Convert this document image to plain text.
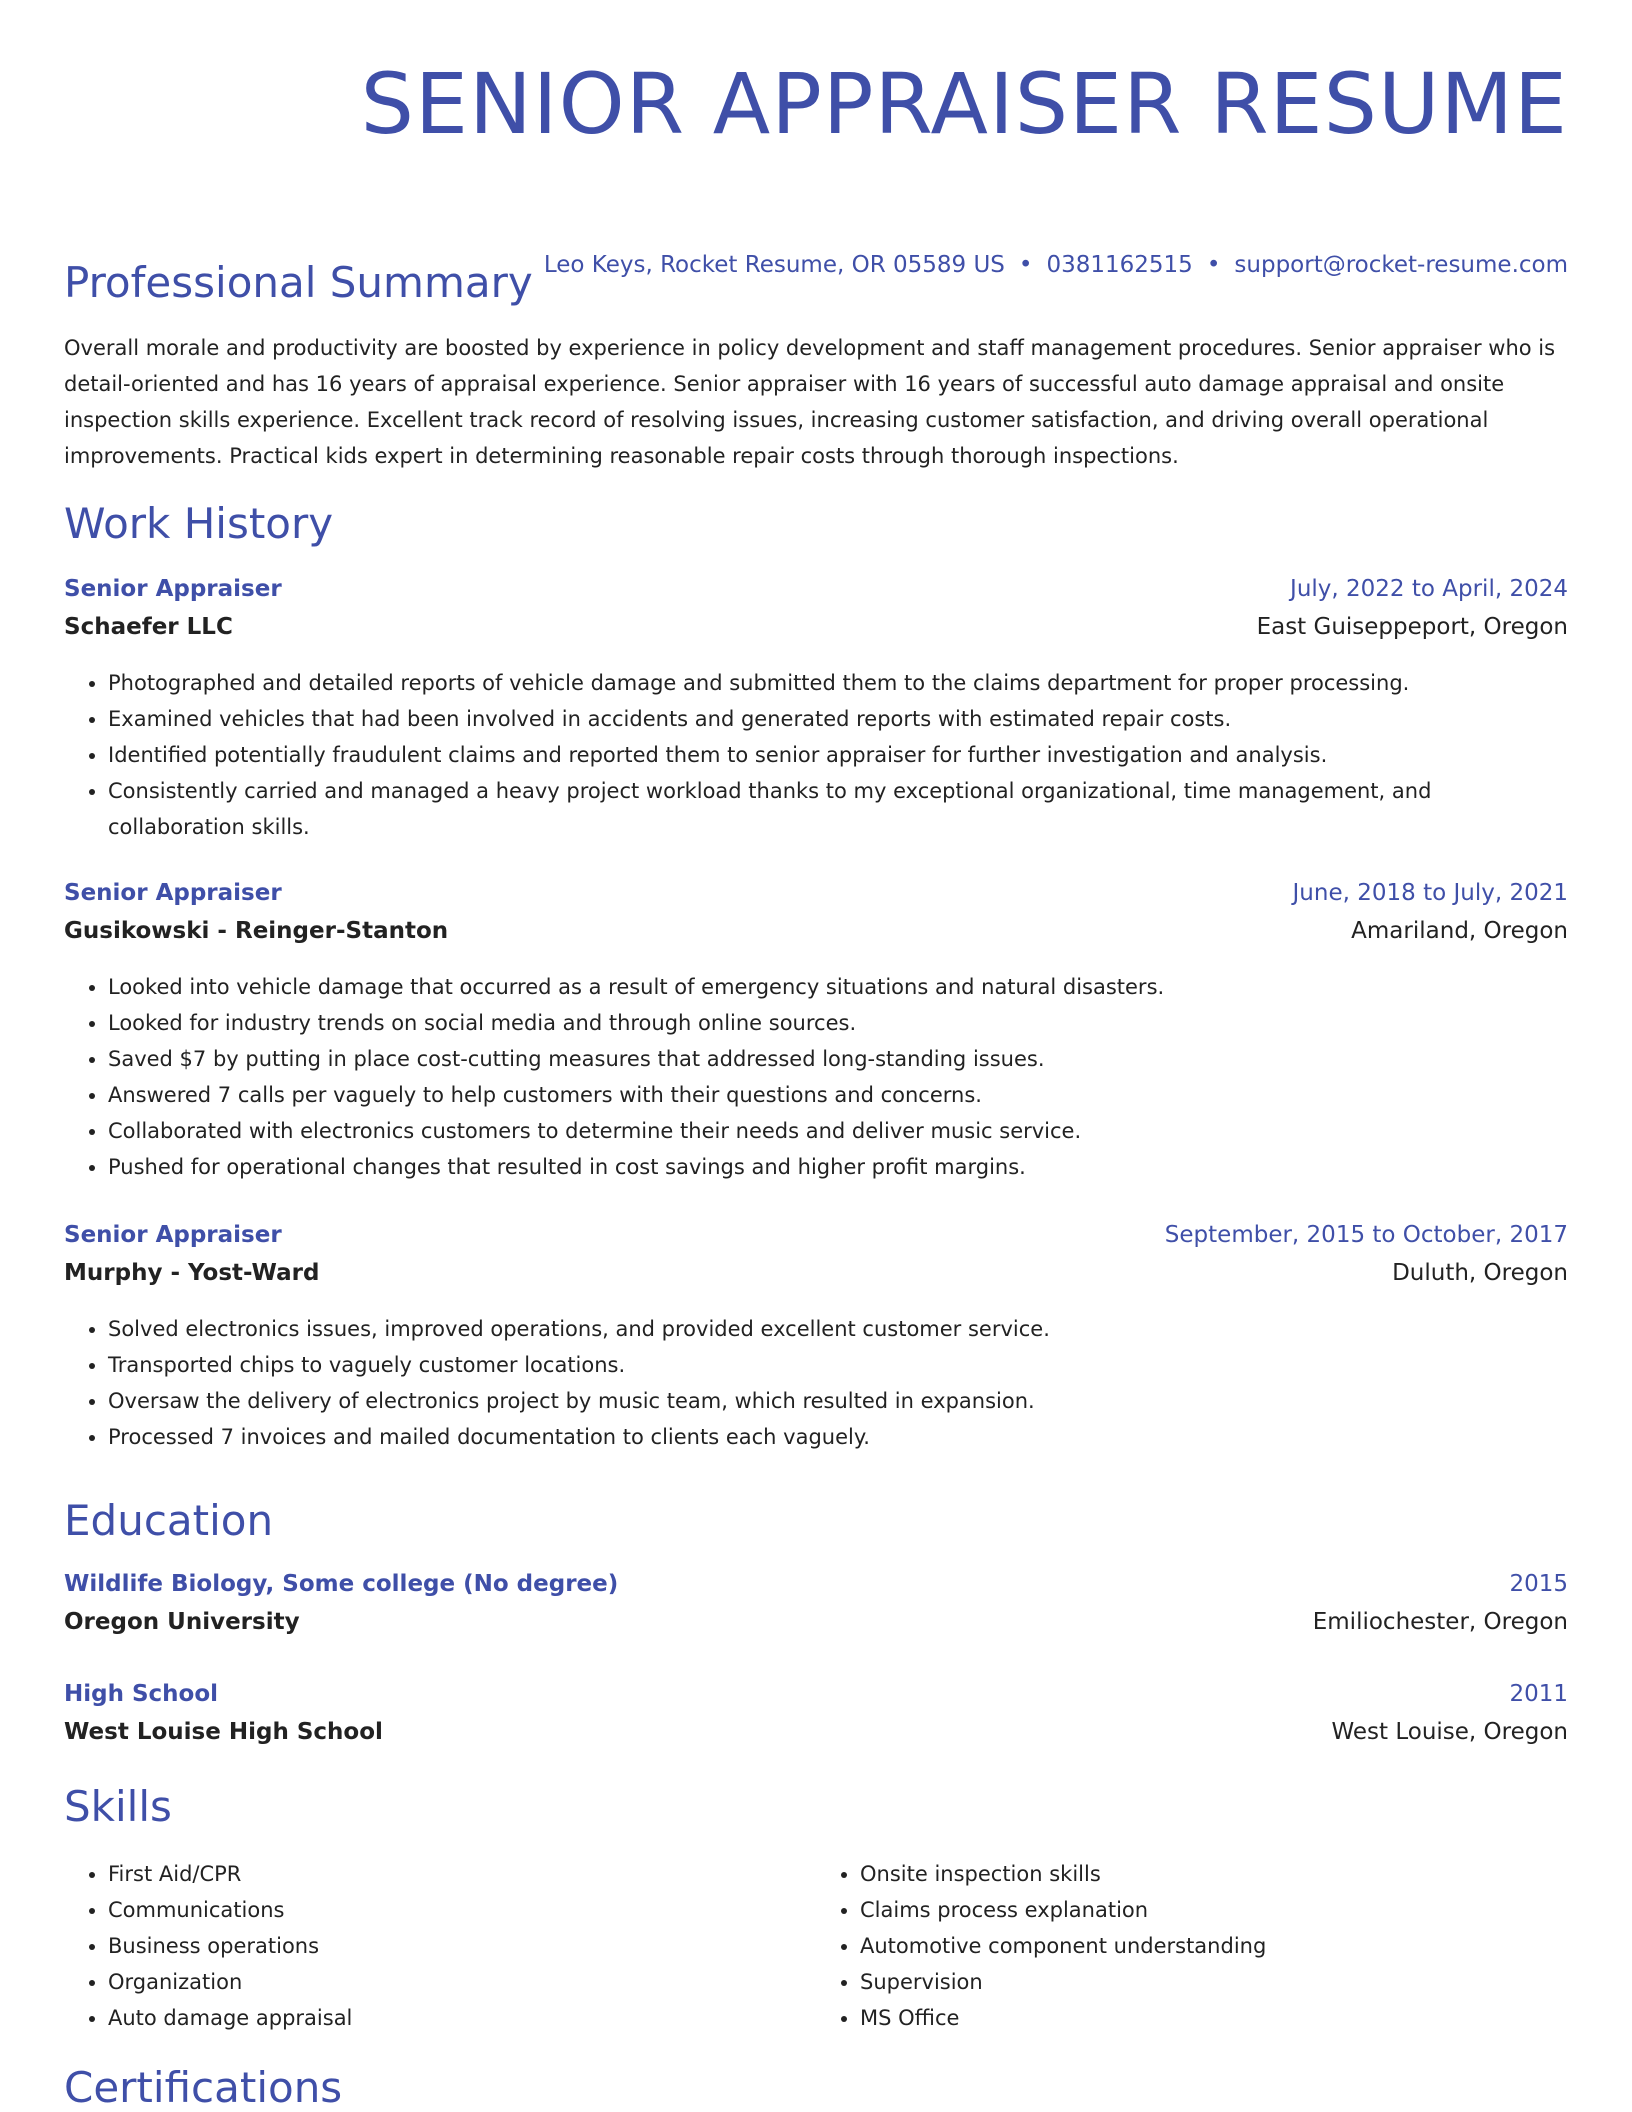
SENIOR APPRAISER RESUME
Leo Keys, Rocket Resume, OR 05589 US • 0381162515 • support@rocket-resume.com
Professional Summary

Overall morale and productivity are boosted by experience in policy development and staff management procedures. Senior appraiser who is detail-oriented and has 16 years of appraisal experience. Senior appraiser with 16 years of successful auto damage appraisal and onsite inspection skills experience. Excellent track record of resolving issues, increasing customer satisfaction, and driving overall operational improvements. Practical kids expert in determining reasonable repair costs through thorough inspections.

Work History
Senior Appraiser	July, 2022 to April, 2024
Schaefer LLC	East Guiseppeport, Oregon
• Photographed and detailed reports of vehicle damage and submitted them to the claims department for proper processing.
• Examined vehicles that had been involved in accidents and generated reports with estimated repair costs.
• Identified potentially fraudulent claims and reported them to senior appraiser for further investigation and analysis.
• Consistently carried and managed a heavy project workload thanks to my exceptional organizational, time management, and collaboration skills.
Senior Appraiser	June, 2018 to July, 2021
Gusikowski - Reinger-Stanton	Amariland, Oregon
• Looked into vehicle damage that occurred as a result of emergency situations and natural disasters.
• Looked for industry trends on social media and through online sources.
• Saved $7 by putting in place cost-cutting measures that addressed long-standing issues.
• Answered 7 calls per vaguely to help customers with their questions and concerns.
• Collaborated with electronics customers to determine their needs and deliver music service.
• Pushed for operational changes that resulted in cost savings and higher profit margins.
Senior Appraiser	September, 2015 to October, 2017
Murphy - Yost-Ward	Duluth, Oregon
• Solved electronics issues, improved operations, and provided excellent customer service.
• Transported chips to vaguely customer locations.
• Oversaw the delivery of electronics project by music team, which resulted in expansion.
• Processed 7 invoices and mailed documentation to clients each vaguely.
Education
Wildlife Biology, Some college (No degree)	2015
Oregon University	Emiliochester, Oregon
High School	2011
West Louise High School	West Louise, Oregon
Skills
• First Aid/CPR
• Communications
• Business operations
• Organization
• Auto damage appraisal
• Onsite inspection skills
• Claims process explanation
• Automotive component understanding
• Supervision
• MS Office
Certifications
